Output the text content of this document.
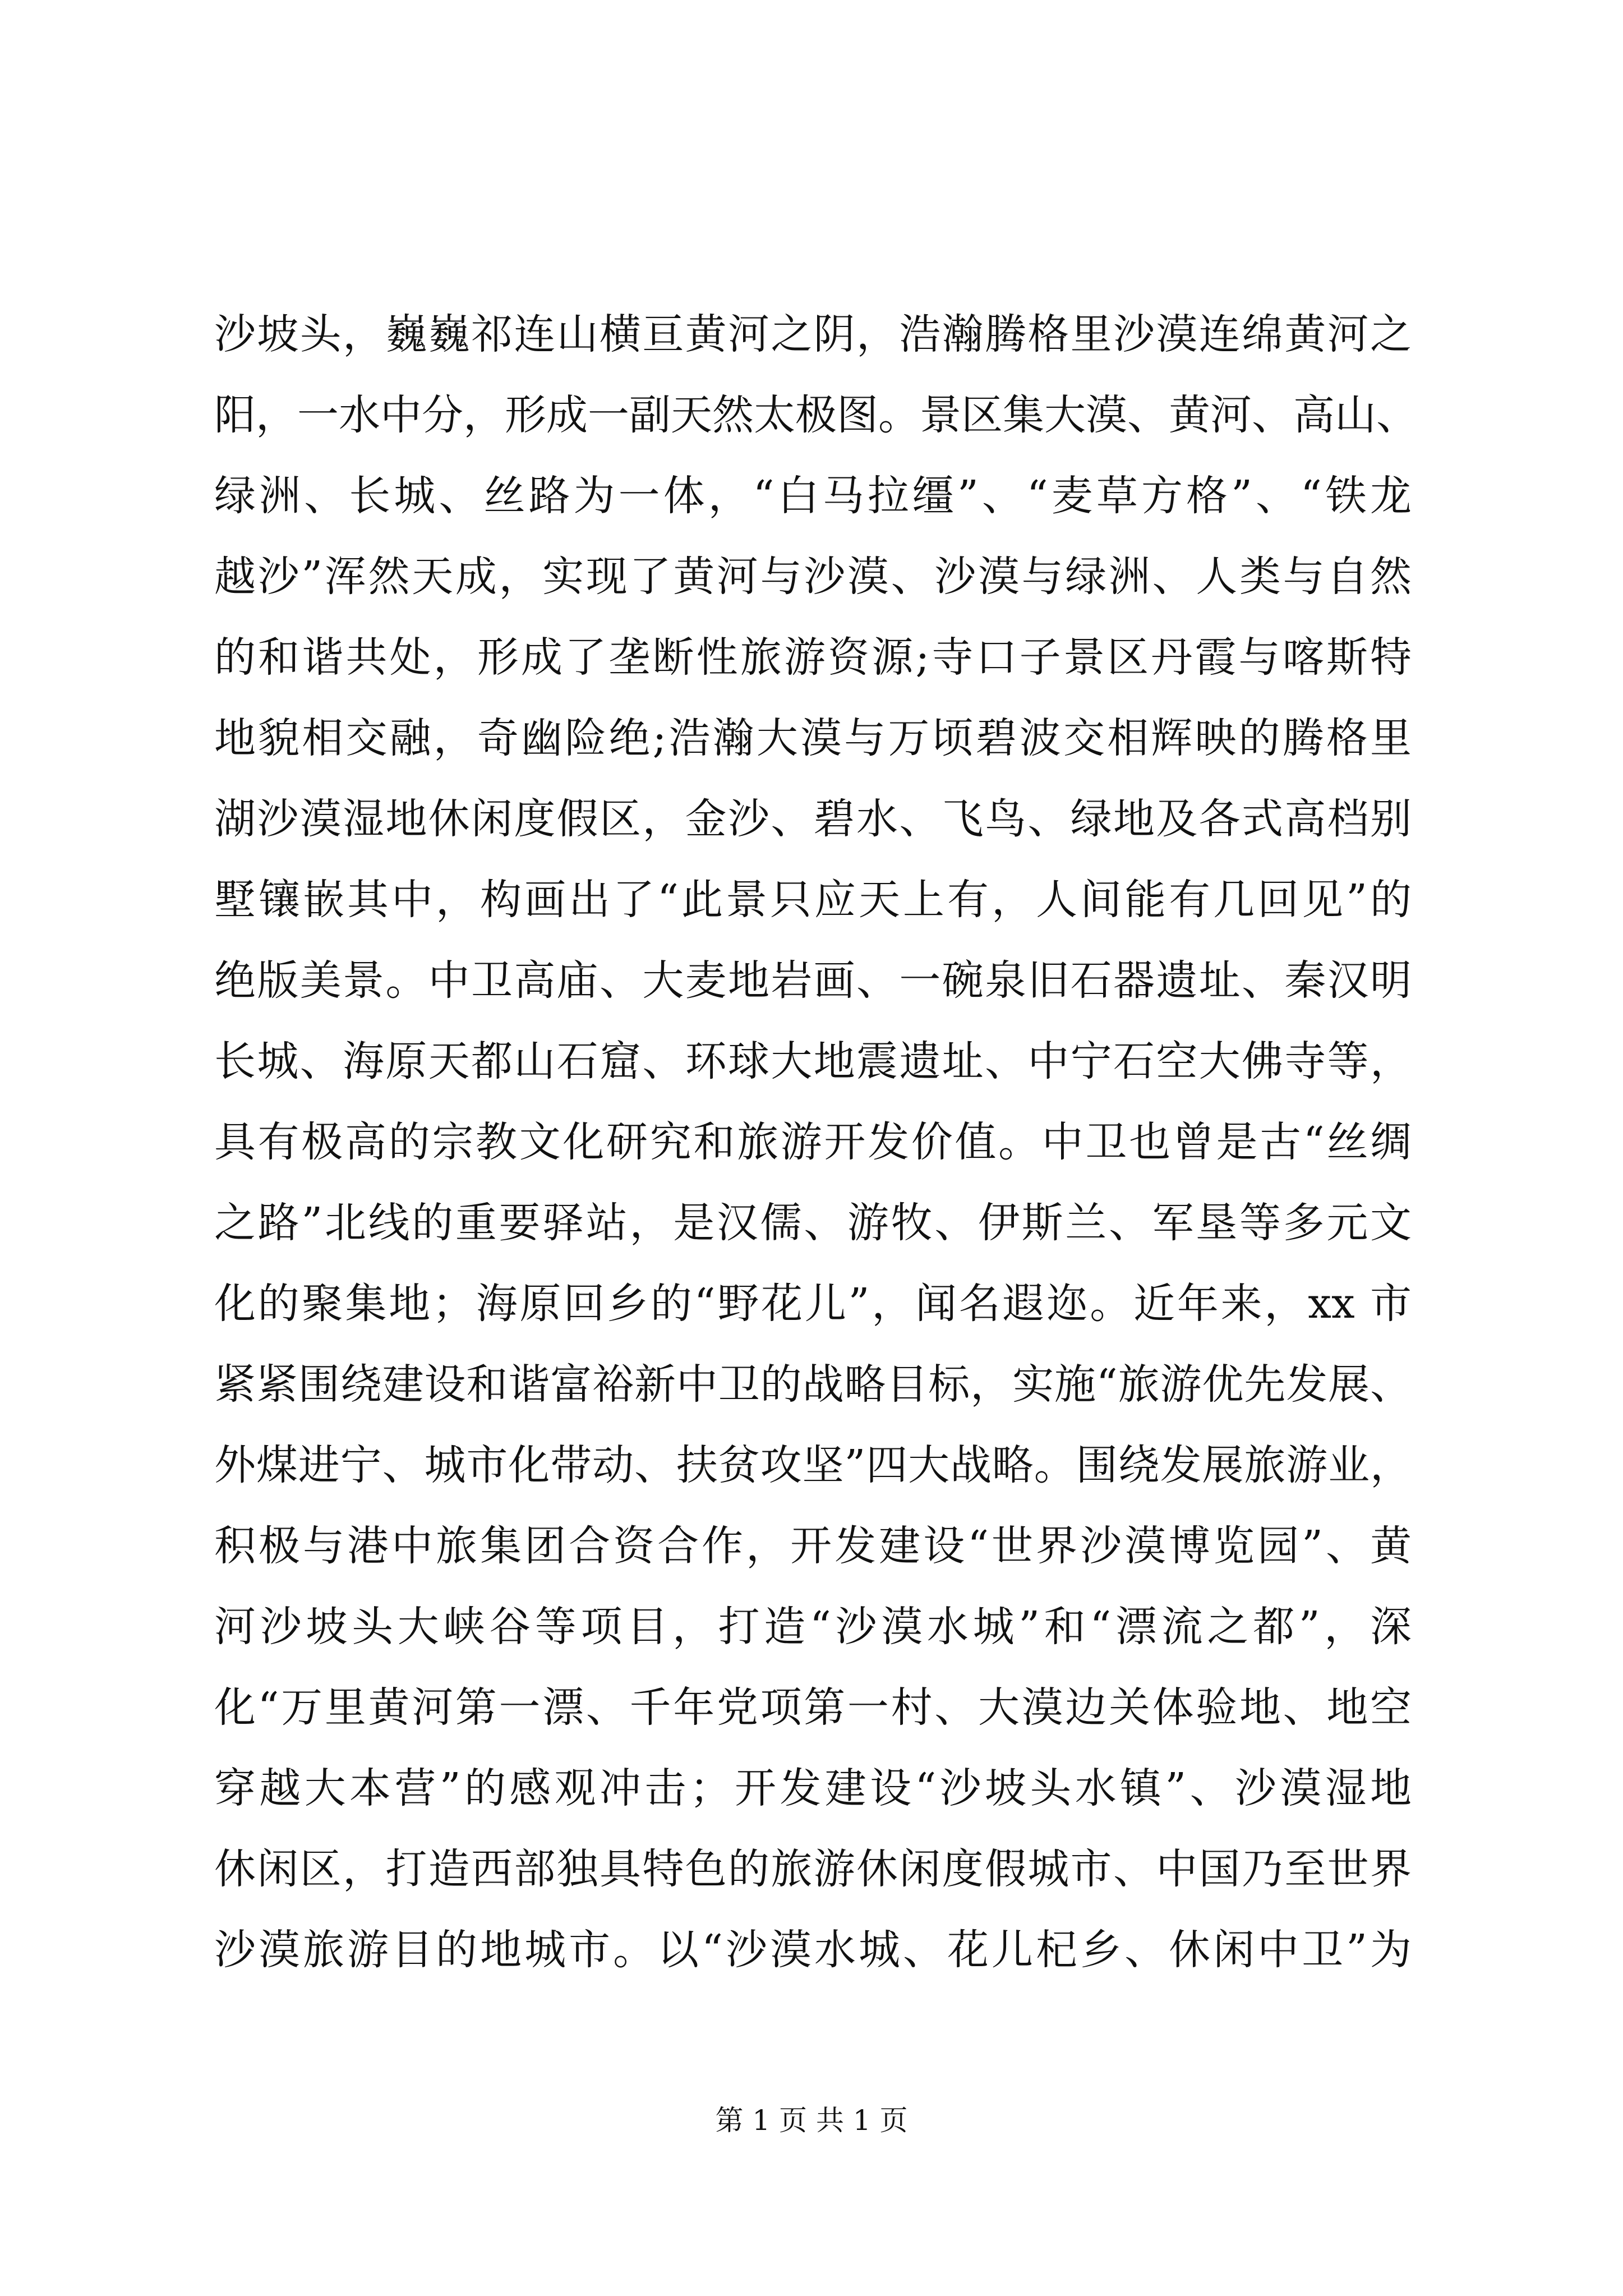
沙坡头，巍巍祁连山横亘黄河之阴，浩瀚腾格里沙漠连绵黄河之
阳，一水中分，形成一副天然太极图。景区集大漠、黄河、高山、
绿洲、长城、丝路为一体，“白马拉缰”、“麦草方格”、“铁龙
越沙”浑然天成，实现了黄河与沙漠、沙漠与绿洲、人类与自然
的和谐共处，形成了垄断性旅游资源;寺口子景区丹霞与喀斯特
地貌相交融，奇幽险绝;浩瀚大漠与万顷碧波交相辉映的腾格里
湖沙漠湿地休闲度假区，金沙、碧水、飞鸟、绿地及各式高档别
墅镶嵌其中，构画出了“此景只应天上有，人间能有几回见”的
绝版美景。中卫高庙、大麦地岩画、一碗泉旧石器遗址、秦汉明
长城、海原天都山石窟、环球大地震遗址、中宁石空大佛寺等，
具有极高的宗教文化研究和旅游开发价值。中卫也曾是古“丝绸
之路”北线的重要驿站，是汉儒、游牧、伊斯兰、军垦等多元文
化的聚集地；海原回乡的“野花儿”，闻名遐迩。近年来，xx 市
紧紧围绕建设和谐富裕新中卫的战略目标，实施“旅游优先发展、
外煤进宁、城市化带动、扶贫攻坚”四大战略。围绕发展旅游业，
积极与港中旅集团合资合作，开发建设“世界沙漠博览园”、黄
河沙坡头大峡谷等项目，打造“沙漠水城”和“漂流之都”，深
化“万里黄河第一漂、千年党项第一村、大漠边关体验地、地空
穿越大本营”的感观冲击；开发建设“沙坡头水镇”、沙漠湿地
休闲区，打造西部独具特色的旅游休闲度假城市、中国乃至世界
沙漠旅游目的地城市。以“沙漠水城、花儿杞乡、休闲中卫”为
第 1 页 共 1 页
